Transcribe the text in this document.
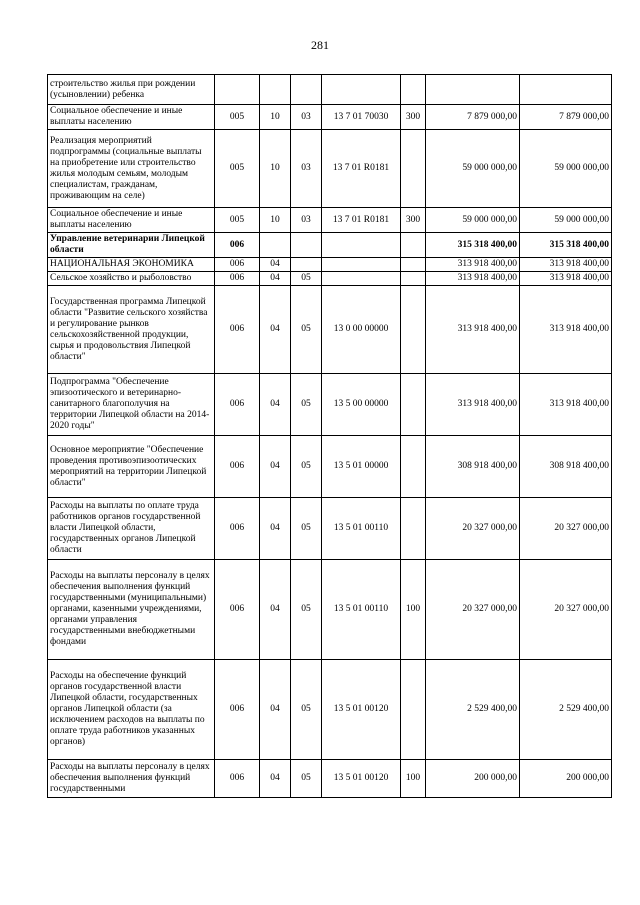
281
строительство жилья при рождении (усыновлении) ребенка							
Социальное обеспечение и иные выплаты населению	005	10	03	13 7 01 70030	300	7 879 000,00	7 879 000,00
Реализация мероприятий подпрограммы (социальные выплаты на приобретение или строительство жилья молодым семьям, молодым специалистам, гражданам, проживающим на селе)	005	10	03	13 7 01 R0181		59 000 000,00	59 000 000,00
Социальное обеспечение и иные выплаты населению	005	10	03	13 7 01 R0181	300	59 000 000,00	59 000 000,00
Управление ветеринарии Липецкой области	006					315 318 400,00	315 318 400,00
НАЦИОНАЛЬНАЯ ЭКОНОМИКА	006	04				313 918 400,00	313 918 400,00
Сельское хозяйство и рыболовство	006	04	05			313 918 400,00	313 918 400,00
Государственная программа Липецкой области "Развитие сельского хозяйства и регулирование рынков сельскохозяйственной продукции, сырья и продовольствия Липецкой области"	006	04	05	13 0 00 00000		313 918 400,00	313 918 400,00
Подпрограмма "Обеспечение эпизоотического и ветеринарно-санитарного благополучия на территории Липецкой области на 2014-2020 годы"	006	04	05	13 5 00 00000		313 918 400,00	313 918 400,00
Основное мероприятие "Обеспечение проведения противоэпизоотических мероприятий на территории Липецкой области"	006	04	05	13 5 01 00000		308 918 400,00	308 918 400,00
Расходы на выплаты по оплате труда работников органов государственной власти Липецкой области, государственных органов Липецкой области	006	04	05	13 5 01 00110		20 327 000,00	20 327 000,00
Расходы на выплаты персоналу в целях обеспечения выполнения функций государственными (муниципальными) органами, казенными учреждениями, органами управления государственными внебюджетными фондами	006	04	05	13 5 01 00110	100	20 327 000,00	20 327 000,00
Расходы на обеспечение функций органов государственной власти Липецкой области, государственных органов Липецкой области (за исключением расходов на выплаты по оплате труда работников указанных органов)	006	04	05	13 5 01 00120		2 529 400,00	2 529 400,00
Расходы на выплаты персоналу в целях обеспечения выполнения функций государственными	006	04	05	13 5 01 00120	100	200 000,00	200 000,00
